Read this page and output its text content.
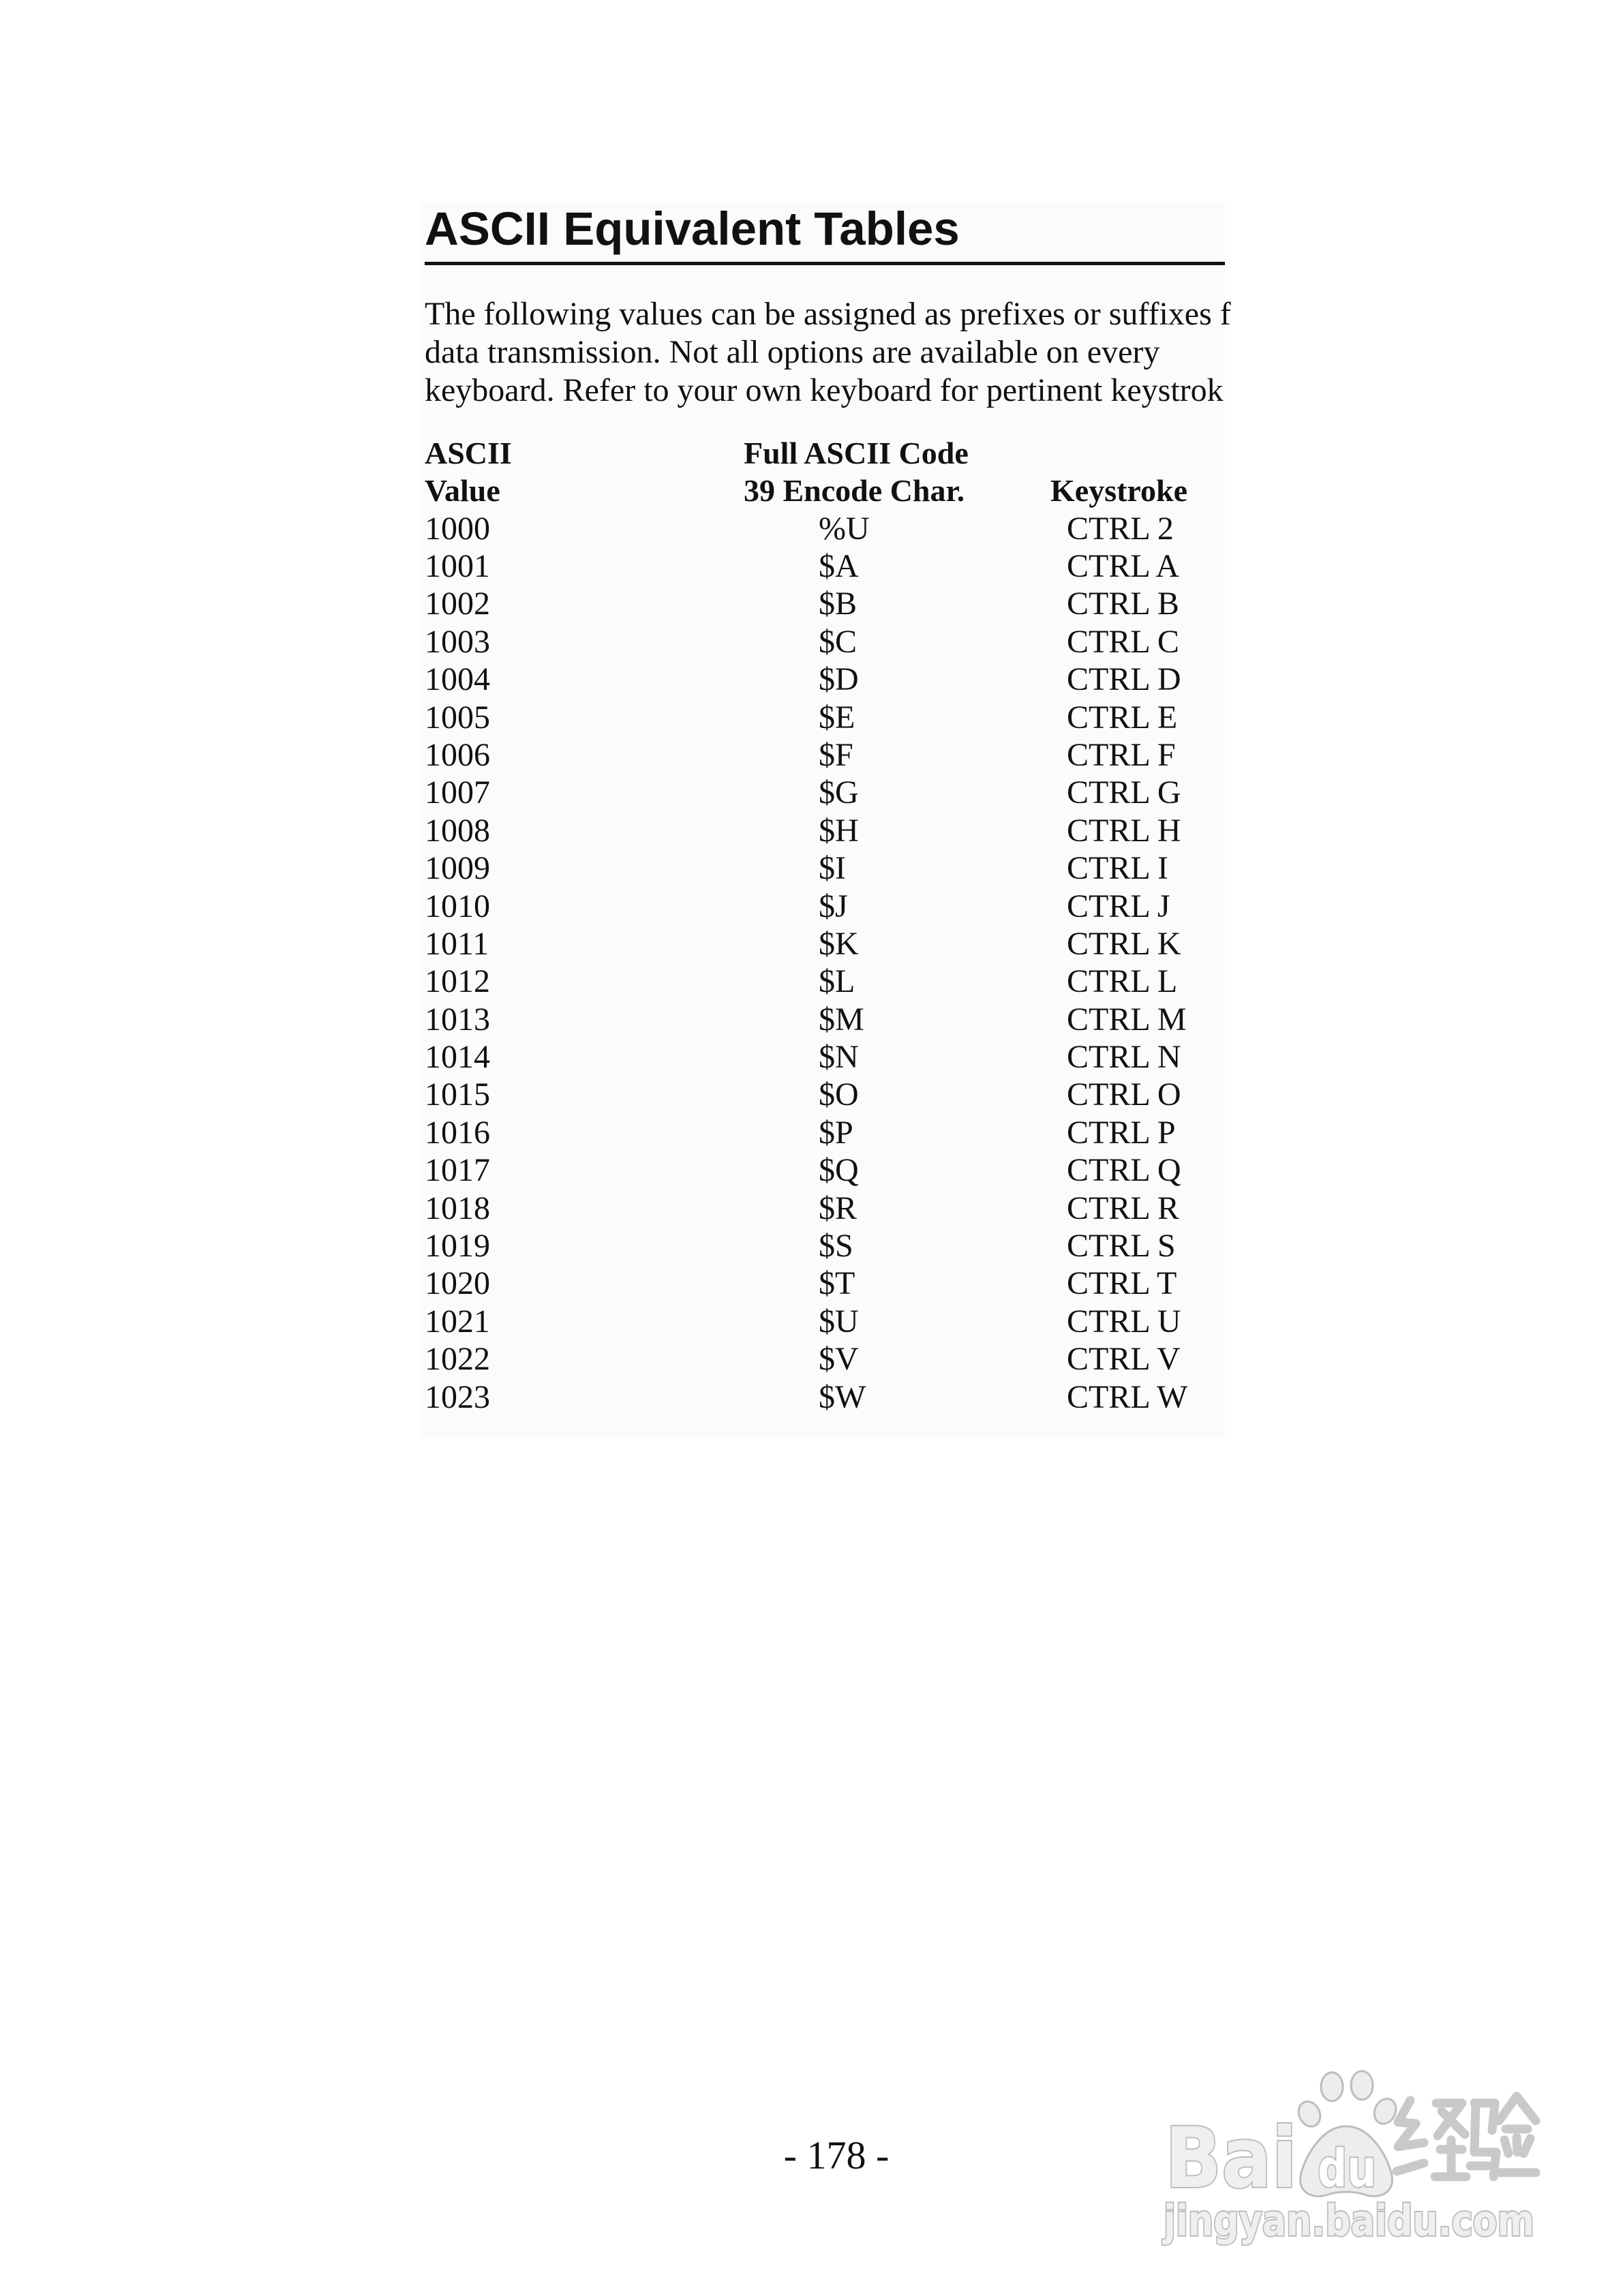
ASCII Equivalent Tables
The following values can be assigned as prefixes or suffixes f
data transmission. Not all options are available on every
keyboard. Refer to your own keyboard for pertinent keystrok
ASCII	Full ASCII Code
Value	39 Encode Char.	Keystroke
1000	%U	CTRL 2
1001	$A	CTRL A
1002	$B	CTRL B
1003	$C	CTRL C
1004	$D	CTRL D
1005	$E	CTRL E
1006	$F	CTRL F
1007	$G	CTRL G
1008	$H	CTRL H
1009	$I	CTRL I
1010	$J	CTRL J
1011	$K	CTRL K
1012	$L	CTRL L
1013	$M	CTRL M
1014	$N	CTRL N
1015	$O	CTRL O
1016	$P	CTRL P
1017	$Q	CTRL Q
1018	$R	CTRL R
1019	$S	CTRL S
1020	$T	CTRL T
1021	$U	CTRL U
1022	$V	CTRL V
1023	$W	CTRL W
- 178 -	Bai du
jingyan.baidu.com
